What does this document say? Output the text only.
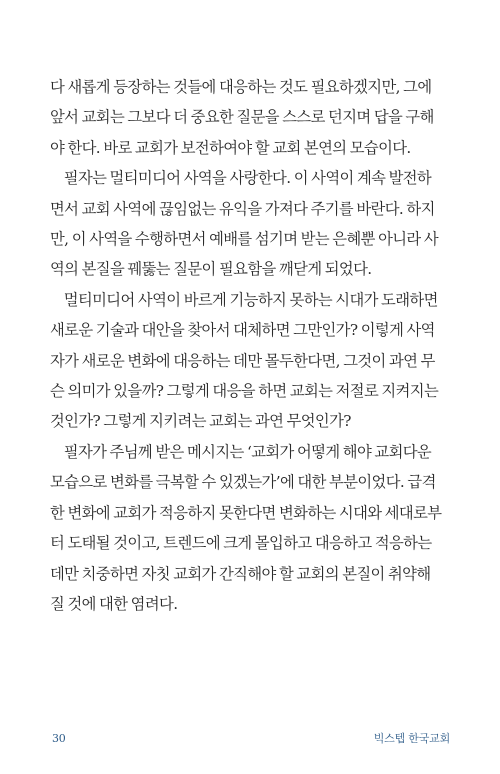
다 새롭게 등장하는 것들에 대응하는 것도 필요하겠지만, 그에
앞서 교회는 그보다 더 중요한 질문을 스스로 던지며 답을 구해
야 한다. 바로 교회가 보전하여야 할 교회 본연의 모습이다.

필자는 멀티미디어 사역을 사랑한다. 이 사역이 계속 발전하
면서 교회 사역에 끊임없는 유익을 가져다 주기를 바란다. 하지
만, 이 사역을 수행하면서 예배를 섬기며 받는 은혜뿐 아니라 사
역의 본질을 꿰뚫는 질문이 필요함을 깨닫게 되었다.

멀티미디어 사역이 바르게 기능하지 못하는 시대가 도래하면
새로운 기술과 대안을 찾아서 대체하면 그만인가? 이렇게 사역
자가 새로운 변화에 대응하는 데만 몰두한다면, 그것이 과연 무
슨 의미가 있을까? 그렇게 대응을 하면 교회는 저절로 지켜지는
것인가? 그렇게 지키려는 교회는 과연 무엇인가?

필자가 주님께 받은 메시지는 ‘교회가 어떻게 해야 교회다운
모습으로 변화를 극복할 수 있겠는가’에 대한 부분이었다. 급격
한 변화에 교회가 적응하지 못한다면 변화하는 시대와 세대로부
터 도태될 것이고, 트렌드에 크게 몰입하고 대응하고 적응하는
데만 치중하면 자칫 교회가 간직해야 할 교회의 본질이 취약해
질 것에 대한 염려다.

30	빅스텝 한국교회
